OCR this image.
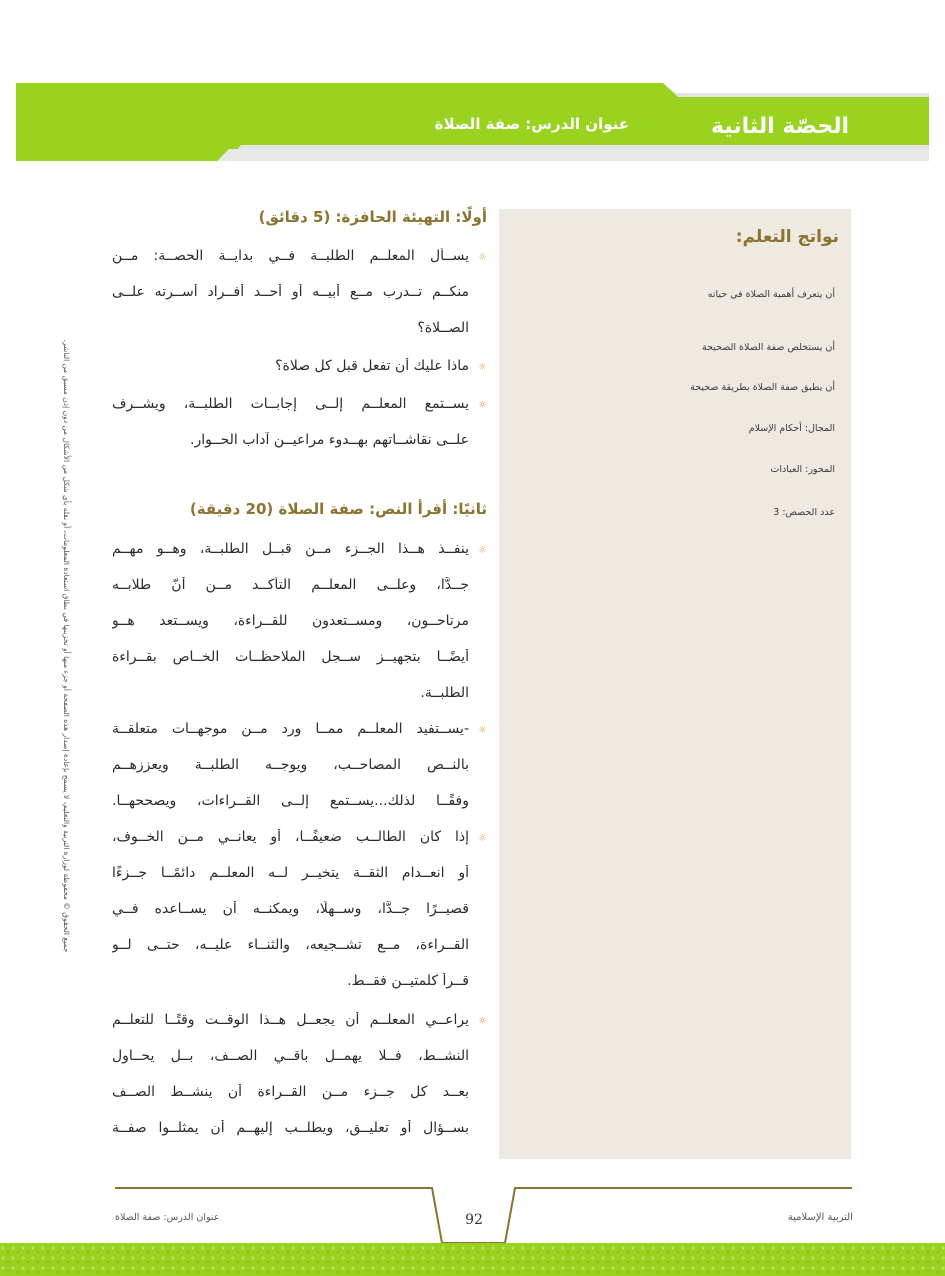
الحصّة الثانية
عنوان الدرس: صفة الصلاة
نواتج التعلم:
أن يتعرف أهمية الصلاة في حياته
أن يستخلص صفة الصلاة الصحيحة
أن يطبق صفة الصلاة بطريقة صحيحة
المجال: أحكام الإسلام
المحور: العبادات
عدد الحصص: 3
جميع الحقوق © محفوظة لوزارة التربية والتعليم، لا يسمح بإعادة إصدار هذه الصفحة أو جزء منها أو تخزينها في نطاق استعادة المعلومات، أو نقله بأي شكل من الأشكال من دون إذن مسبق من الناشر.
أولًا: التهيئة الحافزة: (5 دقائق)
☼
يســأل المعلــم الطلبــة فــي بدايــة الحصــة: مــن
منكــم تــدرب مــع أبيــه أو أحــد أفــراد أســرته علــى
الصــلاة؟
☼
ماذا عليك أن تفعل قبل كل صلاة؟
☼
يســتمع المعلــم إلــى إجابــات الطلبــة، ويشــرف
علــى نقاشــاتهم بهــدوء مراعيــن آداب الحــوار.
ثانيًا: أقرأ النص: صفة الصلاة (20 دقيقة)
☼
ينفــذ هــذا الجــزء مــن قبــل الطلبــة، وهــو مهــم
جــدًّا، وعلــى المعلــم التأكــد مــن أنّ طلابــه
مرتاحــون، ومســتعدون للقــراءة، ويســتعد هــو
أيضًــا بتجهيــز ســجل الملاحظــات الخــاص بقــراءة
الطلبــة.
☼
-يســتفيد المعلــم ممــا ورد مــن موجهــات متعلقــة
بالنــص المصاحــب، ويوجــه الطلبــة ويعززهــم
وفقًــا لذلك...يســتمع إلــى القــراءات، ويصححهــا.
☼
إذا كان الطالــب ضعيفًــا، أو يعانــي مــن الخــوف،
أو انعــدام الثقــة يتخيــر لــه المعلــم دائمًــا جــزءًا
قصيــرًا جــدًّا، وســهلًا، ويمكنــه أن يســاعده فــي
القــراءة، مــع تشــجيعه، والثنــاء عليــه، حتــى لــو
قــرأ كلمتيــن فقــط.
☼
يراعــي المعلــم أن يجعــل هــذا الوقــت وقتًــا للتعلــم
النشــط، فــلا يهمــل باقــي الصــف، بــل يحــاول
بعــد كل جــزء مــن القــراءة أن ينشــط الصــف
بســؤال أو تعليــق، ويطلــب إليهــم أن يمثلــوا صفــة
عنوان الدرس: صفة الصلاة	92	التربية الإسلامية
